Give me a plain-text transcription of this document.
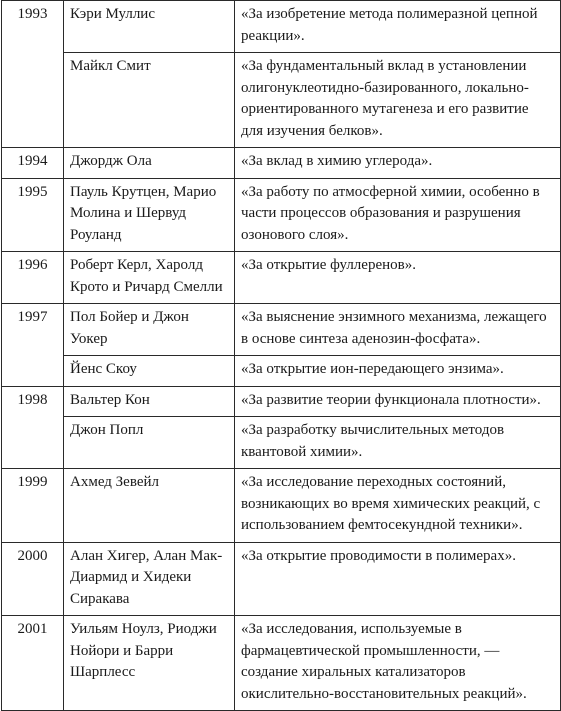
1993	Кэри Муллис	«За изобретение метода полимеразной цепной реакции».
	Майкл Смит	«За фундаментальный вклад в установлении олигонуклеотидно-базированного, локально-ориентированного мутагенеза и его развитие для изучения белков».
1994	Джордж Ола	«За вклад в химию углерода».
1995	Пауль Крутцен, Марио Молина и Шервуд Роуланд	«За работу по атмосферной химии, особенно в части процессов образования и разрушения озонового слоя».
1996	Роберт Керл, Харолд Крото и Ричард Смелли	«За открытие фуллеренов».
1997	Пол Бойер и Джон Уокер	«За выяснение энзимного механизма, лежащего в основе синтеза аденозин-фосфата».
	Йенс Скоу	«За открытие ион-передающего энзима».
1998	Вальтер Кон	«За развитие теории функционала плотности».
	Джон Попл	«За разработку вычислительных методов квантовой химии».
1999	Ахмед Зевейл	«За исследование переходных состояний, возникающих во время химических реакций, с использованием фемтосекундной техники».
2000	Алан Хигер, Алан Мак-Диармид и Хидеки Сиракава	«За открытие проводимости в полимерах».
2001	Уильям Ноулз, Риоджи Нойори и Барри Шарплесс	«За исследования, используемые в фармацевтической промышленности, — создание хиральных катализаторов окислительно-восстановительных реакций».
